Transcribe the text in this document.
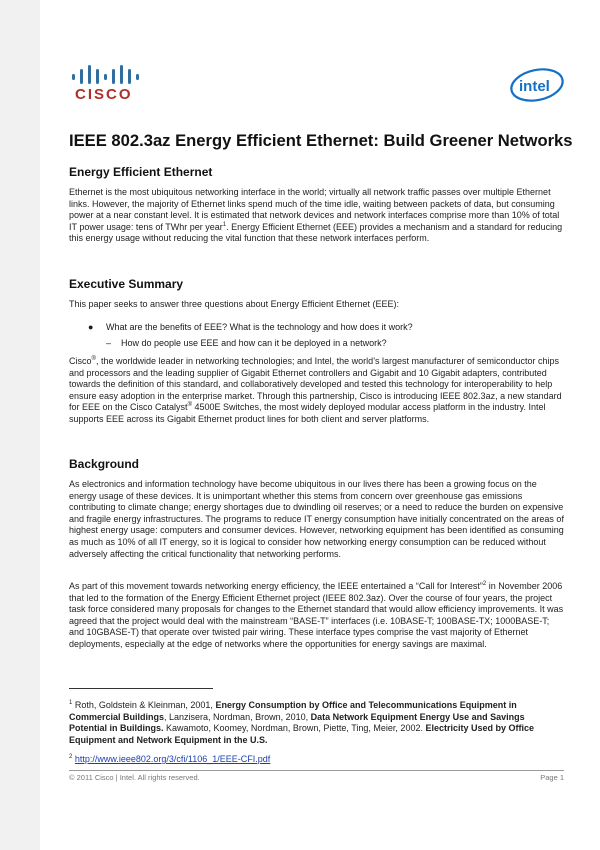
CISCO	intel
IEEE 802.3az Energy Efficient Ethernet: Build Greener Networks
Energy Efficient Ethernet

Ethernet is the most ubiquitous networking interface in the world; virtually all network traffic passes over multiple Ethernet links. However, the majority of Ethernet links spend much of the time idle, waiting between packets of data, but consuming power at a near constant level. It is estimated that network devices and network interfaces comprise more than 10% of total IT power usage: tens of TWhr per year$^1$. Energy Efficient Ethernet (EEE) provides a mechanism and a standard for reducing this energy usage without reducing the vital function that these network interfaces perform.

Executive Summary

This paper seeks to answer three questions about Energy Efficient Ethernet (EEE):

● What are the benefits of EEE? What is the technology and how does it work?
– How do people use EEE and how can it be deployed in a network?

Cisco®, the worldwide leader in networking technologies; and Intel, the world’s largest manufacturer of semiconductor chips and processors and the leading supplier of Gigabit Ethernet controllers and Gigabit and 10 Gigabit adapters, contributed towards the definition of this standard, and collaboratively developed and tested this technology for interoperability to help ensure easy adoption in the enterprise market. Through this partnership, Cisco is introducing IEEE 802.3az, a new standard for EEE on the Cisco Catalyst® 4500E Switches, the most widely deployed modular access platform in the industry. Intel supports EEE across its Gigabit Ethernet product lines for both client and server platforms.

Background

As electronics and information technology have become ubiquitous in our lives there has been a growing focus on the energy usage of these devices. It is unimportant whether this stems from concern over greenhouse gas emissions contributing to climate change; energy shortages due to dwindling oil reserves; or a need to reduce the burden on expensive and fragile energy infrastructures. The programs to reduce IT energy consumption have initially concentrated on the areas of highest energy usage: computers and consumer devices. However, networking equipment has been identified as consuming as much as 10% of all IT energy, so it is logical to consider how networking energy consumption can be reduced without adversely affecting the critical functionality that networking performs.

As part of this movement towards networking energy efficiency, the IEEE entertained a “Call for Interest”$^2$ in November 2006 that led to the formation of the Energy Efficient Ethernet project (IEEE 802.3az). Over the course of four years, the project task force considered many proposals for changes to the Ethernet standard that would allow efficiency improvements. It was agreed that the project would deal with the mainstream “BASE-T” interfaces (i.e. 10BASE-T; 100BASE-TX; 1000BASE-T; and 10GBASE-T) that operate over twisted pair wiring. These interface types comprise the vast majority of Ethernet deployments, especially at the edge of networks where the opportunities for energy savings are maximal.

$^1$ Roth, Goldstein & Kleinman, 2001, Energy Consumption by Office and Telecommunications Equipment in Commercial Buildings, Lanzisera, Nordman, Brown, 2010, Data Network Equipment Energy Use and Savings Potential in Buildings. Kawamoto, Koomey, Nordman, Brown, Piette, Ting, Meier, 2002. Electricity Used by Office Equipment and Network Equipment in the U.S.
$^2$ http://www.ieee802.org/3/cfi/1106_1/EEE-CFI.pdf
© 2011 Cisco | Intel. All rights reserved.	Page 1
